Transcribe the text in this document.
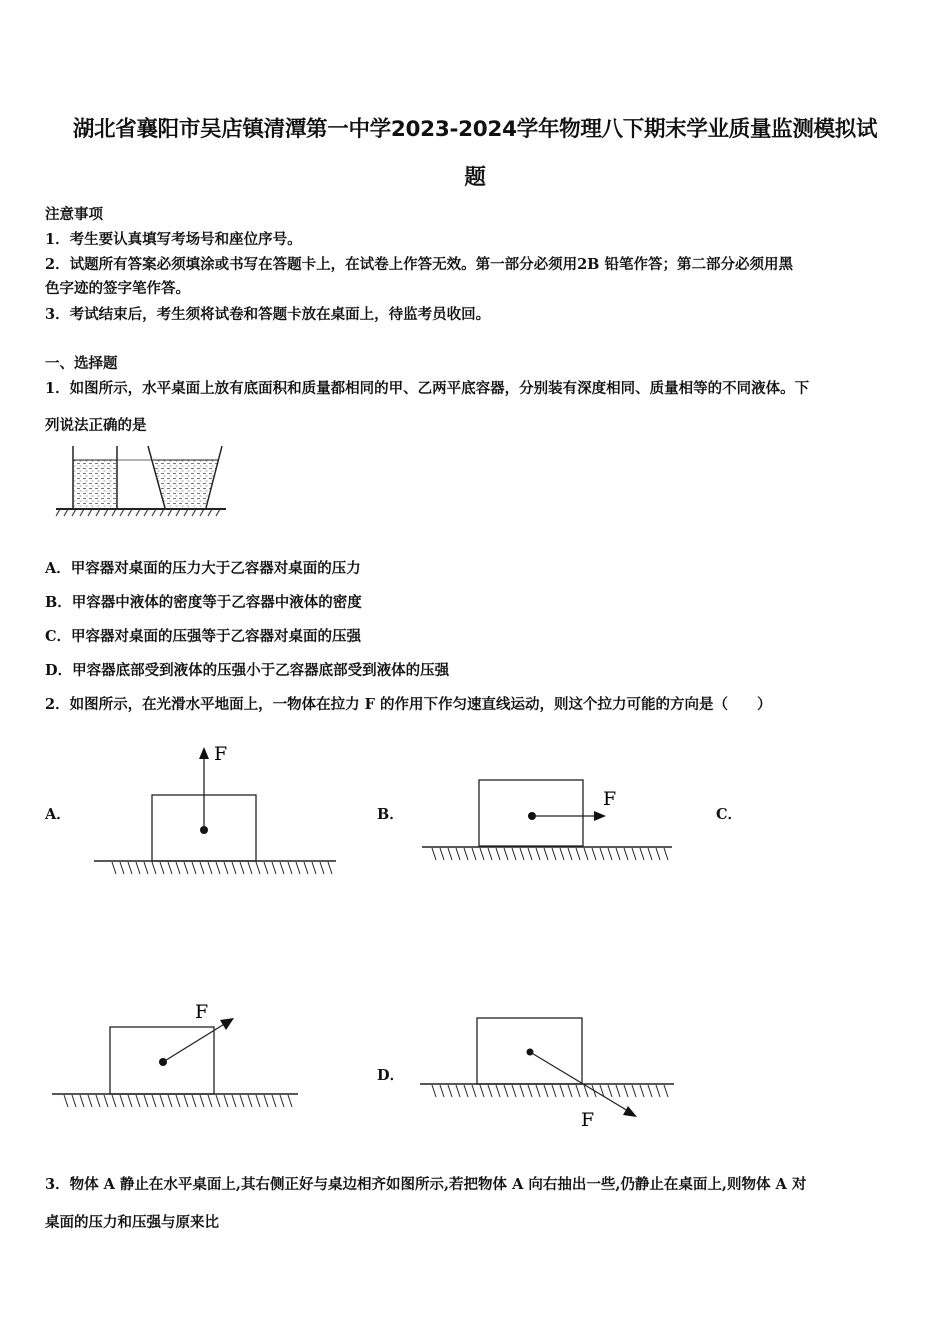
湖北省襄阳市吴店镇清潭第一中学2023-2024学年物理八下期末学业质量监测模拟试
题
注意事项
1．考生要认真填写考场号和座位序号。
2．试题所有答案必须填涂或书写在答题卡上，在试卷上作答无效。第一部分必须用2B 铅笔作答；第二部分必须用黑
色字迹的签字笔作答。
3．考试结束后，考生须将试卷和答题卡放在桌面上，待监考员收回。
一、选择题
1．如图所示，水平桌面上放有底面积和质量都相同的甲、乙两平底容器，分别装有深度相同、质量相等的不同液体。下
列说法正确的是
A．甲容器对桌面的压力大于乙容器对桌面的压力
B．甲容器中液体的密度等于乙容器中液体的密度
C．甲容器对桌面的压强等于乙容器对桌面的压强
D．甲容器底部受到液体的压强小于乙容器底部受到液体的压强
2．如图所示，在光滑水平地面上，一物体在拉力 F 的作用下作匀速直线运动，则这个拉力可能的方向是（　　）
A．	B．	C．
D．
F
F
F
F
3．物体 A 静止在水平桌面上,其右侧正好与桌边相齐如图所示,若把物体 A 向右抽出一些,仍静止在桌面上,则物体 A 对
桌面的压力和压强与原来比
